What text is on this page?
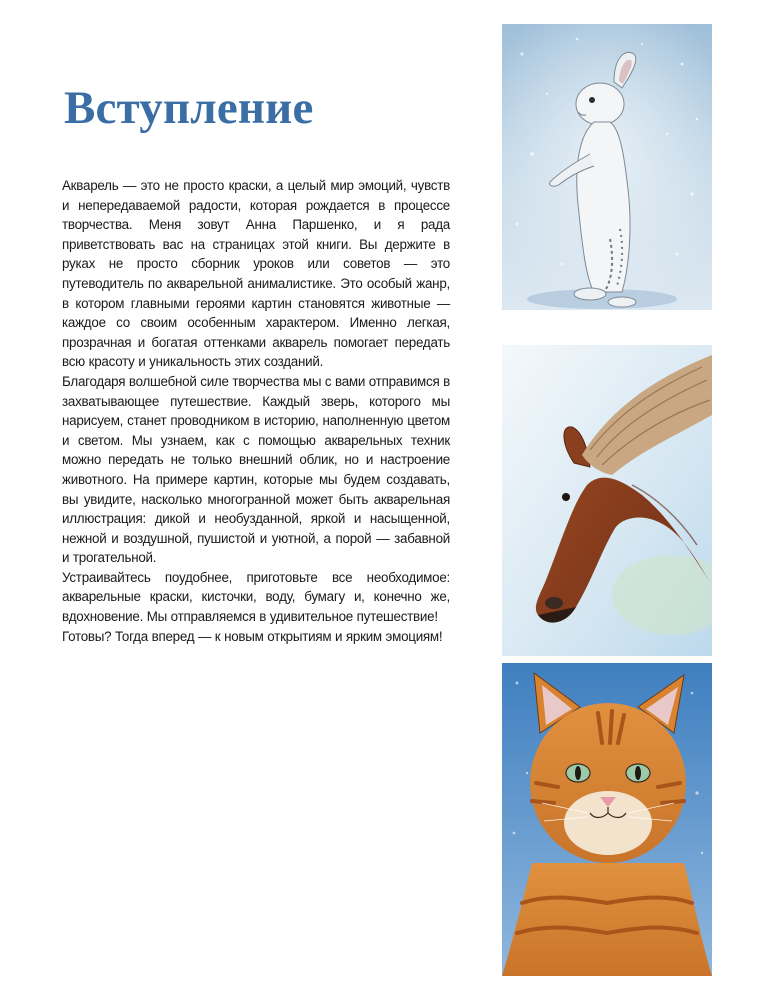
Вступление

Акварель — это не просто краски, а целый мир эмоций, чувств и непередаваемой радости, которая рождается в процессе творчества. Меня зовут Анна Паршенко, и я рада приветствовать вас на страницах этой книги. Вы держите в руках не просто сборник уроков или советов — это путеводитель по акварельной анималистике. Это особый жанр, в котором главными героями картин становятся животные — каждое со своим особенным характером. Именно легкая, прозрачная и богатая оттенками акварель помогает передать всю красоту и уникальность этих созданий.

Благодаря волшебной силе творчества мы с вами отправимся в захватывающее путешествие. Каждый зверь, которого мы нарисуем, станет проводником в историю, наполненную цветом и светом. Мы узнаем, как с помощью акварельных техник можно передать не только внешний облик, но и настроение животного. На примере картин, которые мы будем создавать, вы увидите, насколько многогранной может быть акварельная иллюстрация: дикой и необузданной, яркой и насыщенной, нежной и воздушной, пушистой и уютной, а порой — забавной и трогательной.

Устраивайтесь поудобнее, приготовьте все необходимое: акварельные краски, кисточки, воду, бумагу и, конечно же, вдохновение. Мы отправляемся в удивительное путешествие!

Готовы? Тогда вперед — к новым открытиям и ярким эмоциям!
